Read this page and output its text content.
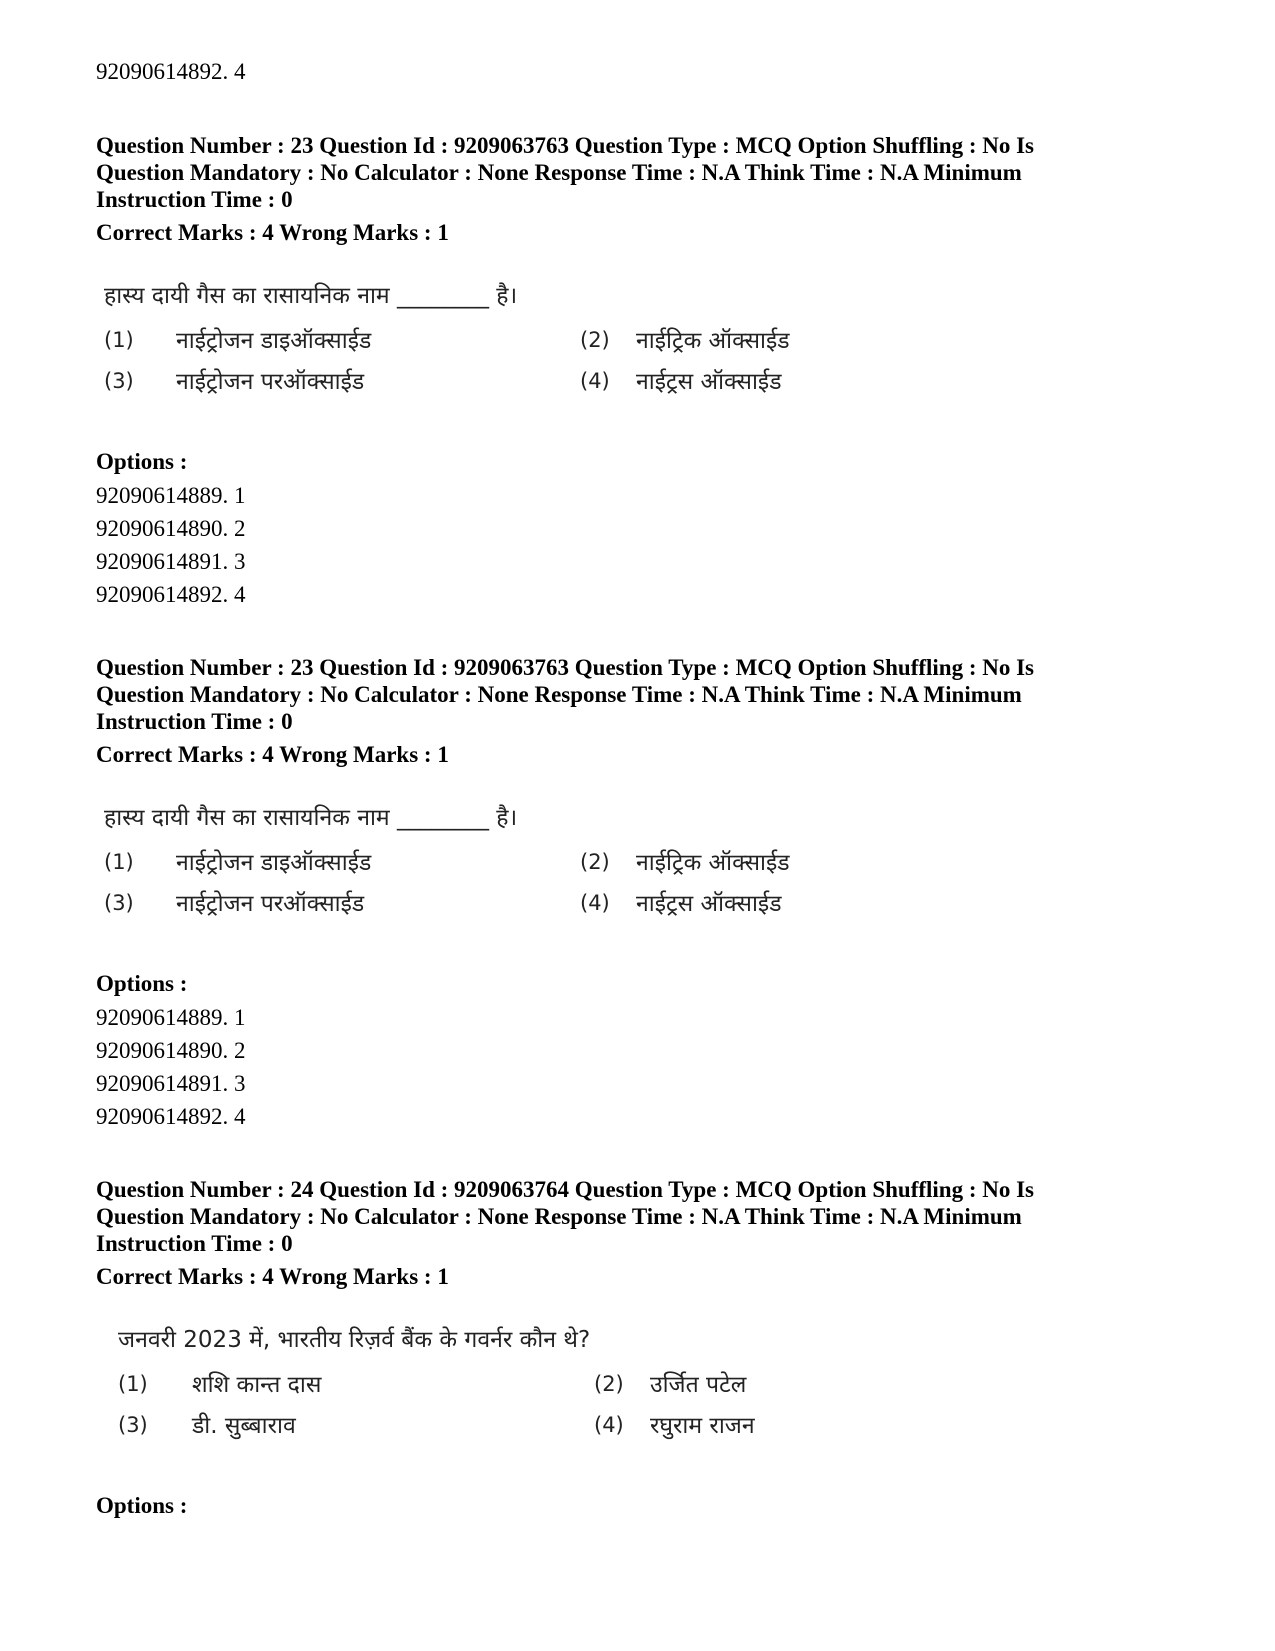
92090614892. 4
Question Number : 23 Question Id : 9209063763 Question Type : MCQ Option Shuffling : No Is
Question Mandatory : No Calculator : None Response Time : N.A Think Time : N.A Minimum
Instruction Time : 0
Correct Marks : 4 Wrong Marks : 1
हास्य दायी गैस का रासायनिक नाम ________ है।
(1) नाईट्रोजन डाइऑक्साईड	(2) नाईट्रिक ऑक्साईड
(3) नाईट्रोजन परऑक्साईड	(4) नाईट्रस ऑक्साईड
Options :
92090614889. 1
92090614890. 2
92090614891. 3
92090614892. 4
Question Number : 23 Question Id : 9209063763 Question Type : MCQ Option Shuffling : No Is
Question Mandatory : No Calculator : None Response Time : N.A Think Time : N.A Minimum
Instruction Time : 0
Correct Marks : 4 Wrong Marks : 1
हास्य दायी गैस का रासायनिक नाम ________ है।
(1) नाईट्रोजन डाइऑक्साईड	(2) नाईट्रिक ऑक्साईड
(3) नाईट्रोजन परऑक्साईड	(4) नाईट्रस ऑक्साईड
Options :
92090614889. 1
92090614890. 2
92090614891. 3
92090614892. 4
Question Number : 24 Question Id : 9209063764 Question Type : MCQ Option Shuffling : No Is
Question Mandatory : No Calculator : None Response Time : N.A Think Time : N.A Minimum
Instruction Time : 0
Correct Marks : 4 Wrong Marks : 1
जनवरी 2023 में, भारतीय रिज़र्व बैंक के गवर्नर कौन थे?
(1) शशि कान्त दास	(2) उर्जित पटेल
(3) डी. सुब्बाराव	(4) रघुराम राजन
Options :
